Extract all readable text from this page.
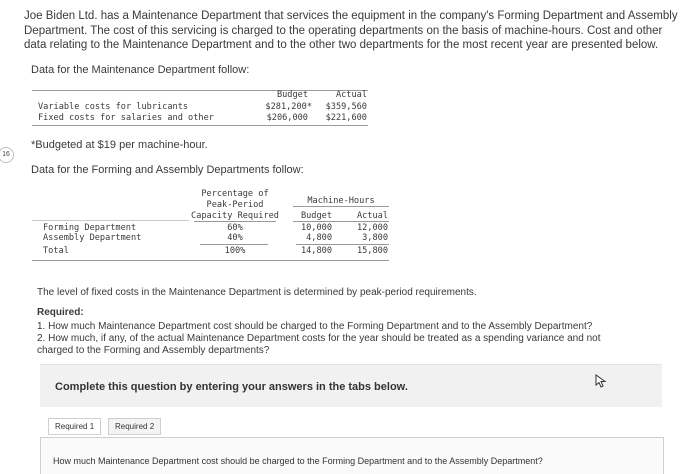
Joe Biden Ltd. has a Maintenance Department that services the equipment in the company's Forming Department and Assembly Department. The cost of this servicing is charged to the operating departments on the basis of machine-hours. Cost and other data relating to the Maintenance Department and to the other two departments for the most recent year are presented below.
Data for the Maintenance Department follow:
Budget	Actual
Variable costs for lubricants	$281,200*	$359,560
Fixed costs for salaries and other	$206,000	$221,600
*Budgeted at $19 per machine-hour.
16
Data for the Forming and Assembly Departments follow:
Percentage of
Peak-Period
Capacity Required
Machine-Hours
Budget	Actual
Forming Department	60%	10,000	12,000
Assembly Department	40%	4,800	3,800
Total	100%	14,800	15,800
The level of fixed costs in the Maintenance Department is determined by peak-period requirements.
Required:
1. How much Maintenance Department cost should be charged to the Forming Department and to the Assembly Department?
2. How much, if any, of the actual Maintenance Department costs for the year should be treated as a spending variance and not
charged to the Forming and Assembly departments?
Complete this question by entering your answers in the tabs below.
Required 1	Required 2
How much Maintenance Department cost should be charged to the Forming Department and to the Assembly Department?
